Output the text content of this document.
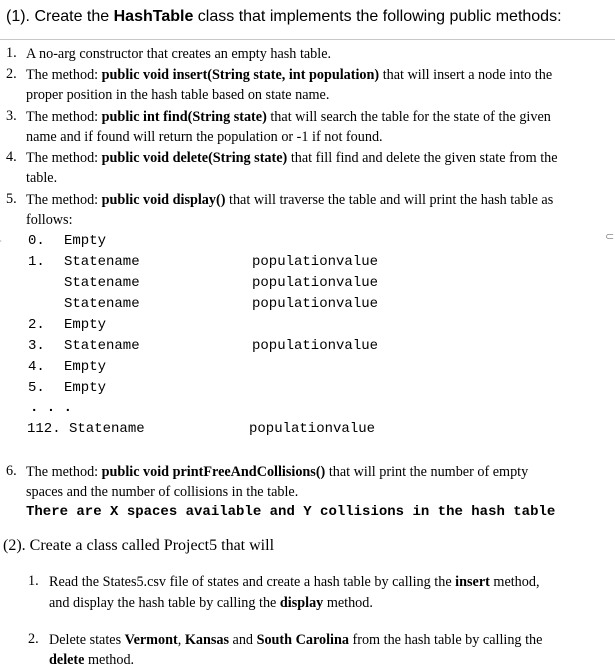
(1). Create the HashTable class that implements the following public methods:
1. A no-arg constructor that creates an empty hash table.
2. The method: public void insert(String state, int population) that will insert a node into the
proper position in the hash table based on state name.
3. The method: public int find(String state) that will search the table for the state of the given
name and if found will return the population or -1 if not found.
4. The method: public void delete(String state) that fill find and delete the given state from the
table.
5. The method: public void display() that will traverse the table and will print the hash table as
follows:
⊂
0. Empty
1. Statename	populationvalue
Statename	populationvalue
Statename	populationvalue
2. Empty
3. Statename	populationvalue
4. Empty
5. Empty
. . .
112. Statename	populationvalue
6. The method: public void printFreeAndCollisions() that will print the number of empty
spaces and the number of collisions in the table.
There are X spaces available and Y collisions in the hash table
(2). Create a class called Project5 that will
1. Read the States5.csv file of states and create a hash table by calling the insert method,
and display the hash table by calling the display method.
2. Delete states Vermont, Kansas and South Carolina from the hash table by calling the
delete method.
